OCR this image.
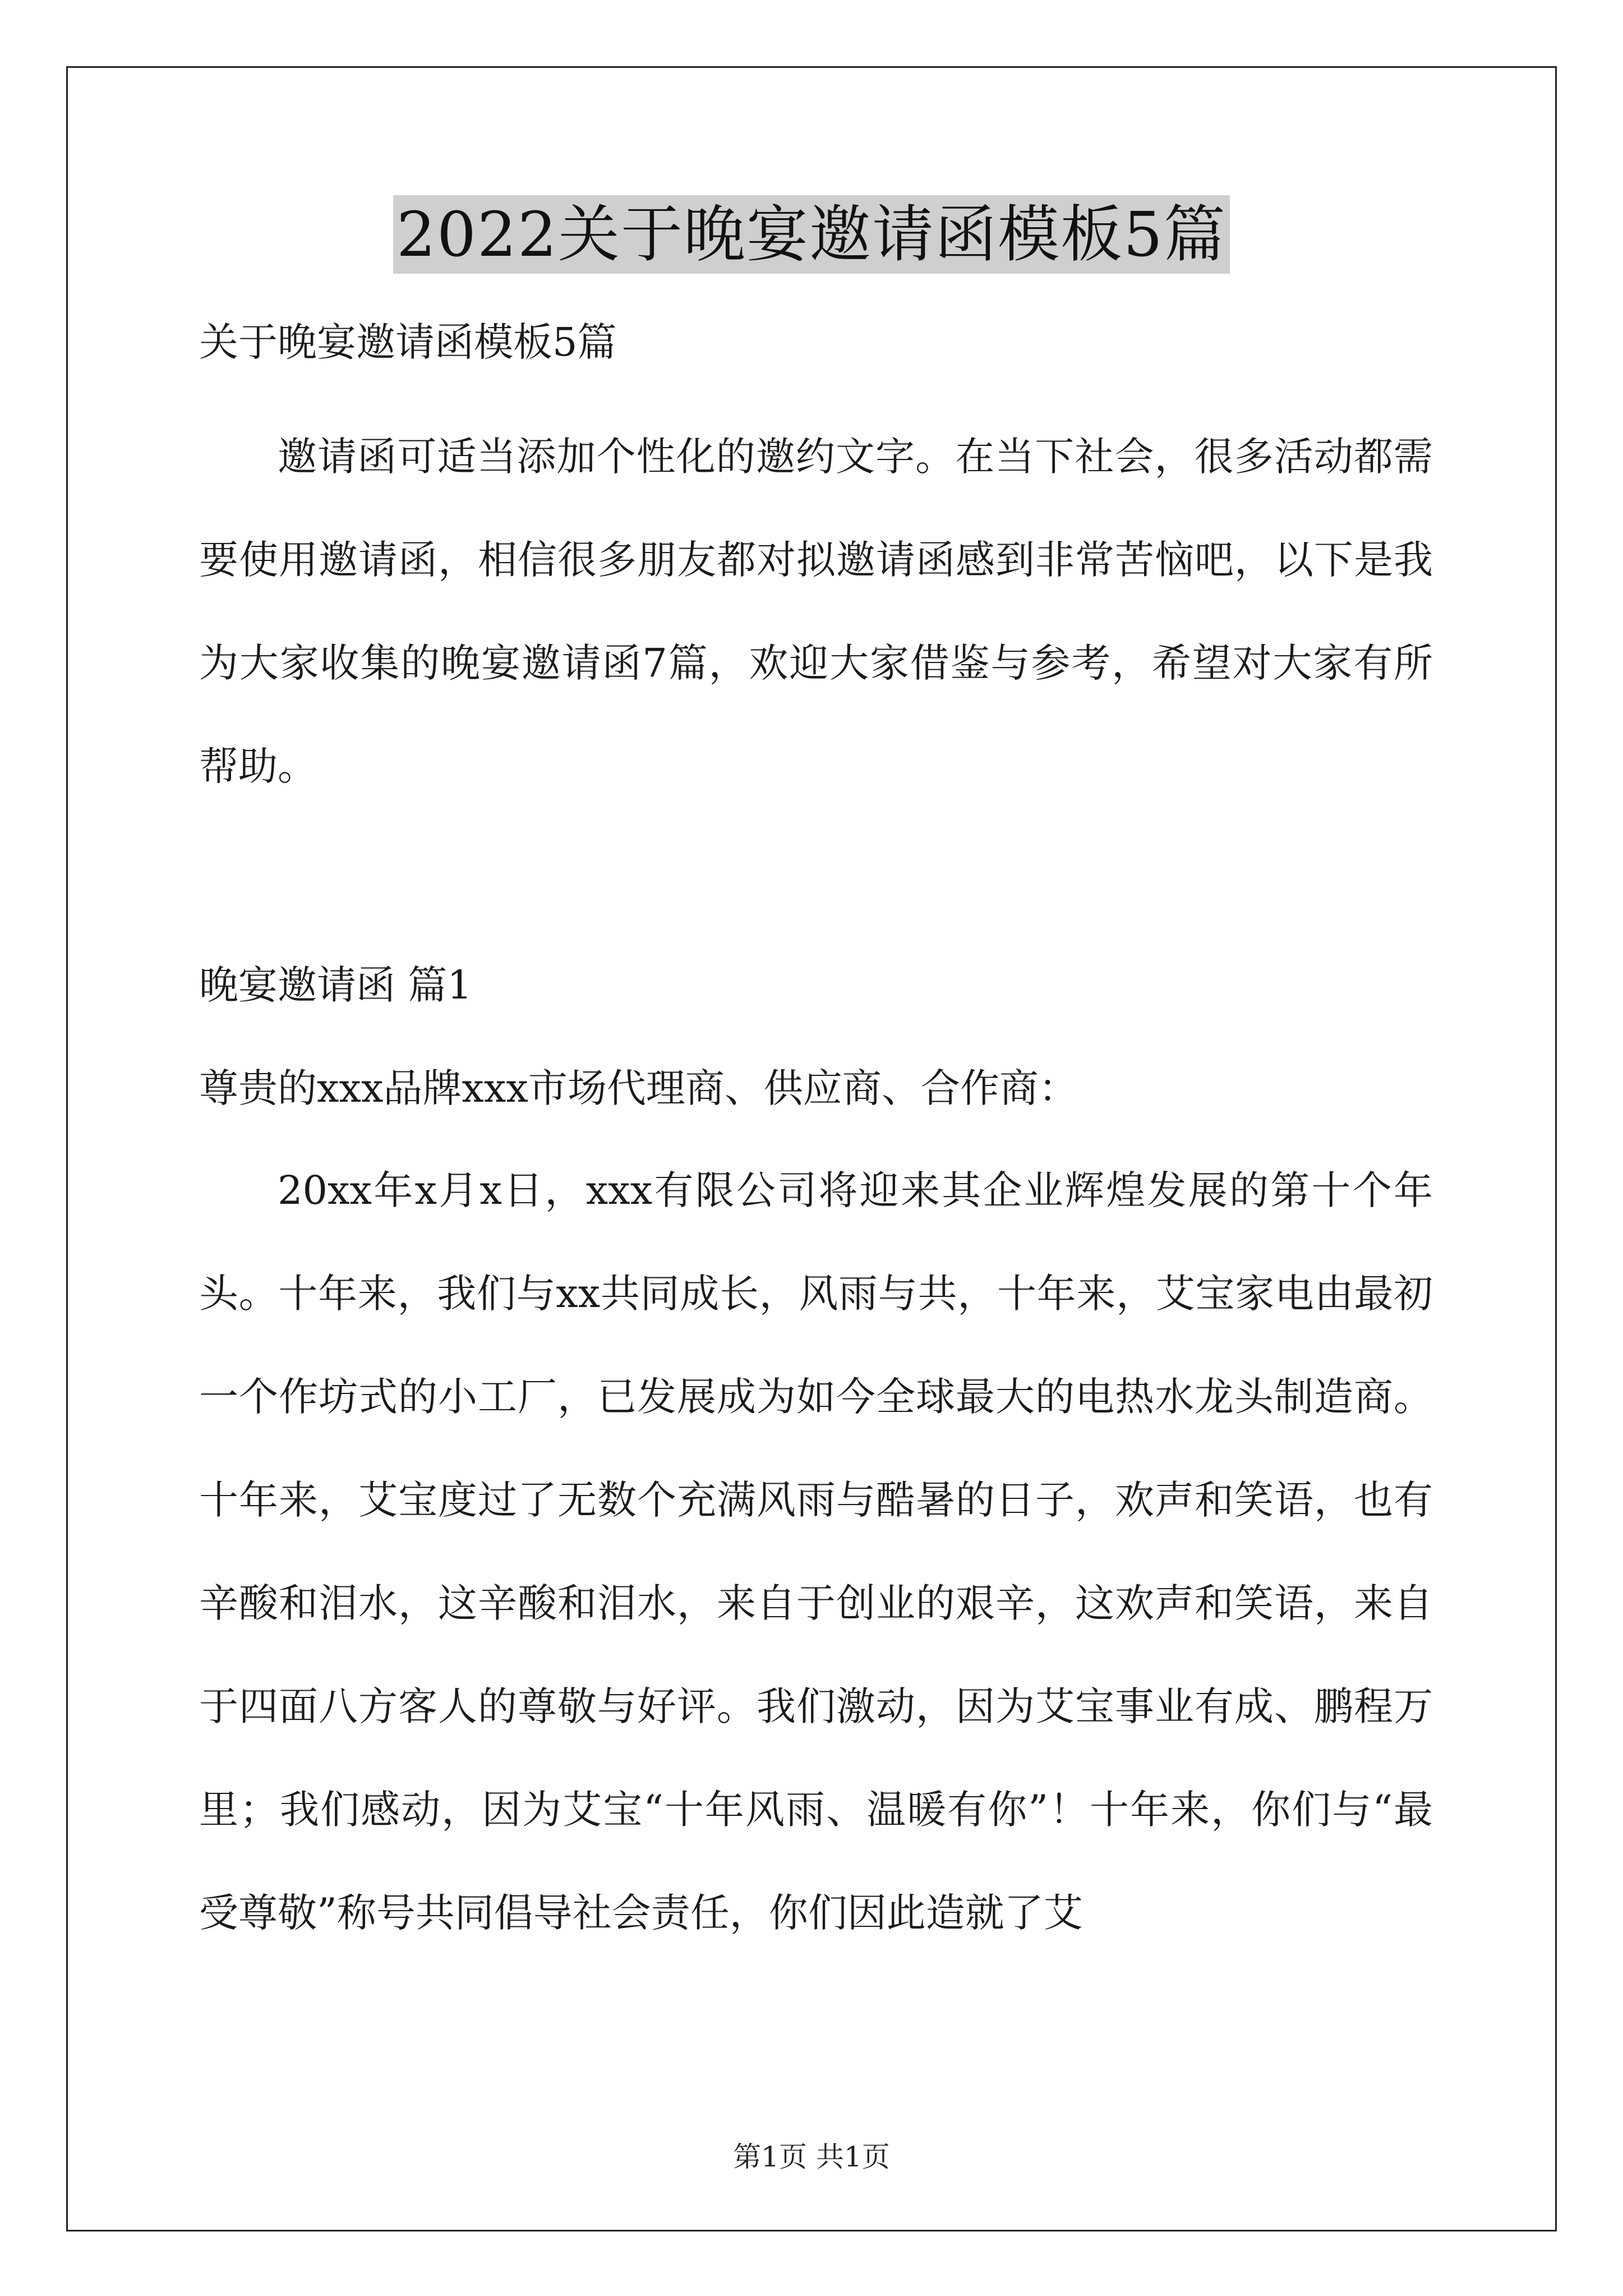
2022关于晚宴邀请函模板5篇

关于晚宴邀请函模板5篇

邀请函可适当添加个性化的邀约文字。在当下社会，很多活动都需要使用邀请函，相信很多朋友都对拟邀请函感到非常苦恼吧，以下是我为大家收集的晚宴邀请函7篇，欢迎大家借鉴与参考，希望对大家有所帮助。

晚宴邀请函 篇1

尊贵的xxx品牌xxx市场代理商、供应商、合作商：

20xx年x月x日，xxx有限公司将迎来其企业辉煌发展的第十个年头。十年来，我们与xx共同成长，风雨与共，十年来，艾宝家电由最初一个作坊式的小工厂，已发展成为如今全球最大的电热水龙头制造商。十年来，艾宝度过了无数个充满风雨与酷暑的日子，欢声和笑语，也有辛酸和泪水，这辛酸和泪水，来自于创业的艰辛，这欢声和笑语，来自于四面八方客人的尊敬与好评。我们激动，因为艾宝事业有成、鹏程万里；我们感动，因为艾宝“十年风雨、温暖有你”！十年来，你们与“最受尊敬”称号共同倡导社会责任，你们因此造就了艾

第1页 共1页
